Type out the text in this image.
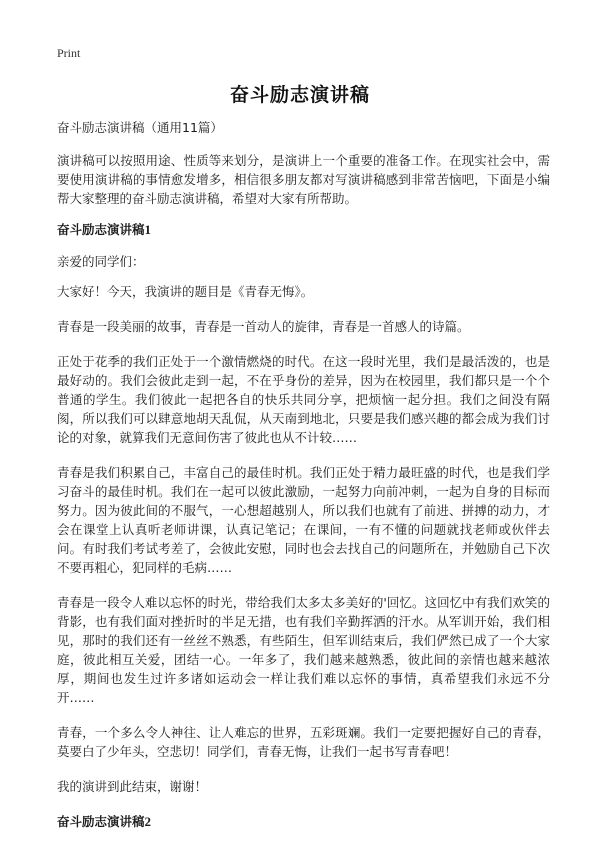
Print
奋斗励志演讲稿

奋斗励志演讲稿（通用11篇）

演讲稿可以按照用途、性质等来划分，是演讲上一个重要的准备工作。在现实社会中，需要使用演讲稿的事情愈发增多，相信很多朋友都对写演讲稿感到非常苦恼吧，下面是小编帮大家整理的奋斗励志演讲稿，希望对大家有所帮助。

奋斗励志演讲稿1

亲爱的同学们：

大家好！今天，我演讲的题目是《青春无悔》。

青春是一段美丽的故事，青春是一首动人的旋律，青春是一首感人的诗篇。

正处于花季的我们正处于一个激情燃烧的时代。在这一段时光里，我们是最活泼的，也是最好动的。我们会彼此走到一起，不在乎身份的差异，因为在校园里，我们都只是一个个普通的学生。我们彼此一起把各自的快乐共同分享，把烦恼一起分担。我们之间没有隔阂，所以我们可以肆意地胡天乱侃，从天南到地北，只要是我们感兴趣的都会成为我们讨论的对象，就算我们无意间伤害了彼此也从不计较……

青春是我们积累自己，丰富自己的最佳时机。我们正处于精力最旺盛的时代，也是我们学习奋斗的最佳时机。我们在一起可以彼此激励，一起努力向前冲刺，一起为自身的目标而努力。因为彼此间的不服气，一心想超越别人，所以我们也就有了前进、拼搏的动力，才会在课堂上认真听老师讲课，认真记笔记；在课间，一有不懂的问题就找老师或伙伴去问。有时我们考试考差了，会彼此安慰，同时也会去找自己的问题所在，并勉励自己下次不要再粗心，犯同样的毛病……

青春是一段令人难以忘怀的时光，带给我们太多太多美好的'回忆。这回忆中有我们欢笑的背影，也有我们面对挫折时的半足无措，也有我们辛勤挥洒的汗水。从军训开始，我们相见，那时的我们还有一丝丝不熟悉，有些陌生，但军训结束后，我们俨然已成了一个大家庭，彼此相互关爱，团结一心。一年多了，我们越来越熟悉，彼此间的亲情也越来越浓厚，期间也发生过许多诸如运动会一样让我们难以忘怀的事情，真希望我们永远不分开……

青春，一个多么令人神往、让人难忘的世界，五彩斑斓。我们一定要把握好自己的青春，莫要白了少年头，空悲切！同学们，青春无悔，让我们一起书写青春吧！

我的演讲到此结束，谢谢！

奋斗励志演讲稿2
